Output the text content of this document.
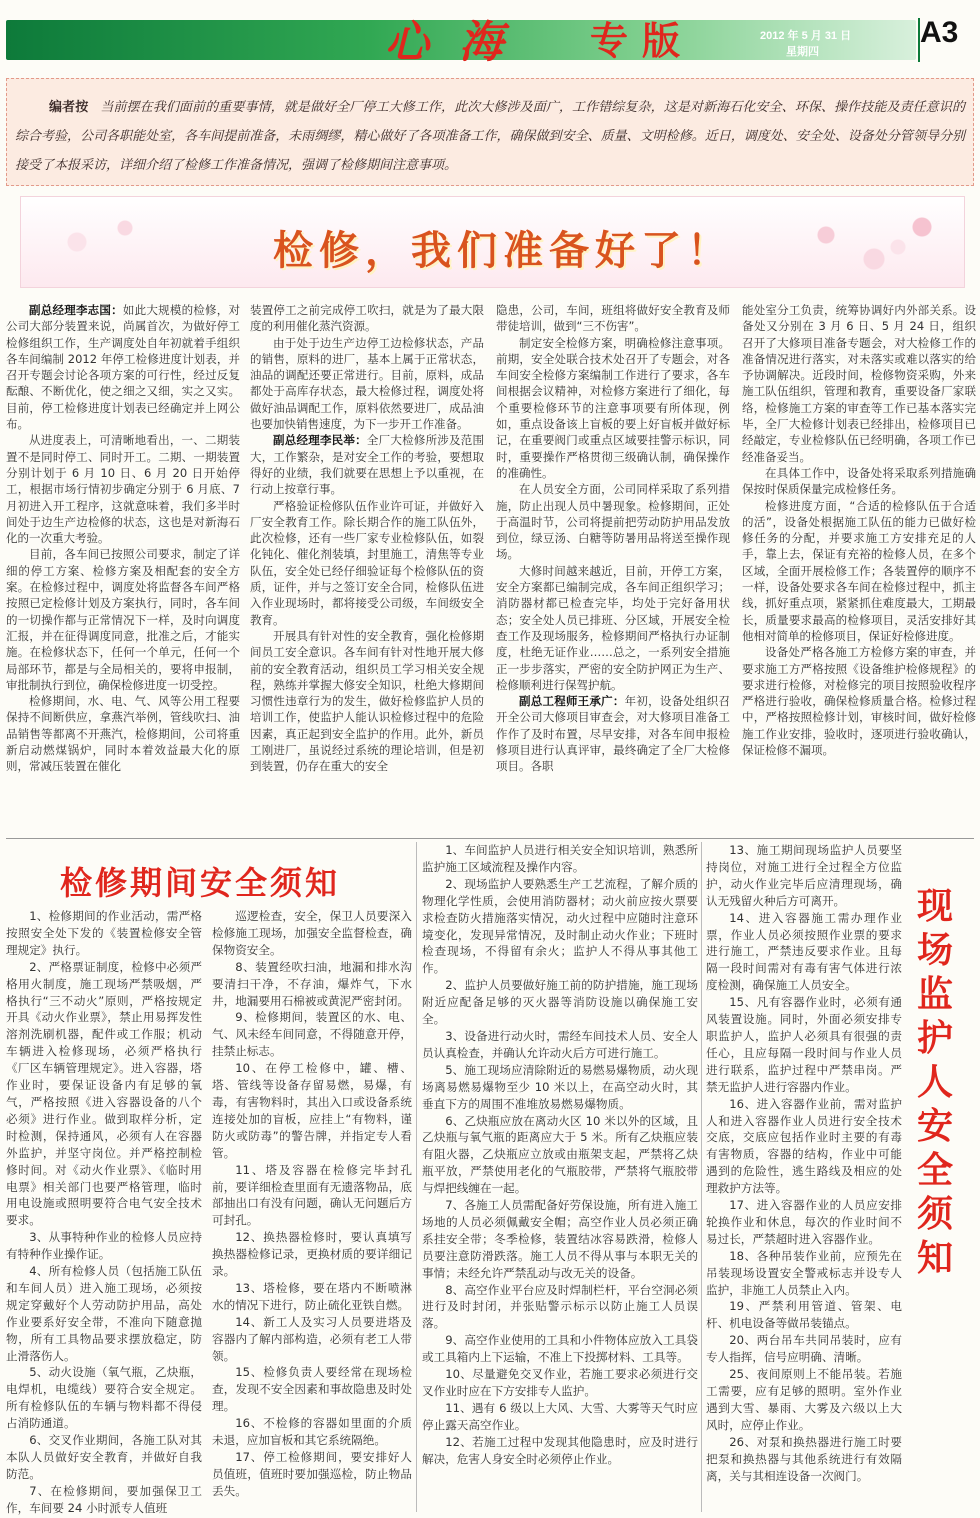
心海 专版	2012 年 5 月 31 日
星期四
A3
编者按 当前摆在我们面前的重要事情，就是做好全厂停工大修工作，此次大修涉及面广，工作错综复杂，这是对新海石化安全、环保、操作技能及责任意识的综合考验，公司各职能处室，各车间提前准备，未雨绸缪，精心做好了各项准备工作，确保做到安全、质量、文明检修。近日，调度处、安全处、设备处分管领导分别接受了本报采访，详细介绍了检修工作准备情况，强调了检修期间注意事项。
检修，我们准备好了！

副总经理李志国：如此大规模的检修，对公司大部分装置来说，尚属首次，为做好停工检修组织工作，生产调度处自年初就着手组织各车间编制 2012 年停工检修进度计划表，并召开专题会讨论各项方案的可行性，经过反复酝酿、不断优化，使之细之又细，实之又实。目前，停工检修进度计划表已经确定并上网公布。

从进度表上，可清晰地看出，一、二期装置不是同时停工、同时开工。二期、一期装置分别计划于 6 月 10 日、6 月 20 日开始停工，根据市场行情初步确定分别于 6 月底、7 月初进入开工程序，这就意味着，我们多半时间处于边生产边检修的状态，这也是对新海石化的一次重大考验。

目前，各车间已按照公司要求，制定了详细的停工方案、检修方案及相配套的安全方案。在检修过程中，调度处将监督各车间严格按照已定检修计划及方案执行，同时，各车间的一切操作都与正常情况下一样，及时向调度汇报，并在征得调度同意，批准之后，才能实施。在检修状态下，任何一个单元，任何一个局部环节，都是与全局相关的，要将申报制，审批制执行到位，确保检修进度一切受控。

检修期间，水、电、气、风等公用工程要保持不间断供应，拿燕汽举例，管线吹扫、油品销售等都离不开燕汽，检修期间，公司将重新启动燃煤锅炉，同时本着效益最大化的原则，常减压装置在催化

装置停工之前完成停工吹扫，就是为了最大限度的利用催化蒸汽资源。

由于处于边生产边停工边检修状态，产品的销售，原料的进厂，基本上属于正常状态，油品的调配还要正常进行。目前，原料，成品都处于高库存状态，最大检修过程，调度处将做好油品调配工作，原料依然要进厂，成品油也要加快销售速度，为下一步开工作准备。

副总经理李民举：全厂大检修所涉及范围大，工作繁杂，是对安全工作的考验，要想取得好的业绩，我们就要在思想上予以重视，在行动上按章行事。

严格验证检修队伍作业许可证，并做好入厂安全教育工作。除长期合作的施工队伍外，此次检修，还有一些厂家专业检修队伍，如裂化钝化、催化剂装填，封里施工，清焦等专业队伍，安全处已经仔细验证每个检修队伍的资质，证件，并与之签订安全合同，检修队伍进入作业现场时，都将接受公司级，车间级安全教育。

开展具有针对性的安全教育，强化检修期间员工安全意识。各车间有针对性地开展大修前的安全教育活动，组织员工学习相关安全规程，熟练并掌握大修安全知识，杜绝大修期间习惯性违章行为的发生，做好检修监护人员的培训工作，使监护人能认识检修过程中的危险因素，真正起到安全监护的作用。此外，新员工刚进厂，虽说经过系统的理论培训，但是初到装置，仍存在重大的安全

隐患，公司，车间，班组将做好安全教育及师带徒培训，做到“三不伤害”。

制定安全检修方案，明确检修注意事项。前期，安全处联合技术处召开了专题会，对各车间安全检修方案编制工作进行了要求，各车间根据会议精神，对检修方案进行了细化，每个重要检修环节的注意事项要有所体现，例如，重点设备该上盲板的要上好盲板并做好标记，在重要阀门或重点区域要挂警示标识，同时，重要操作严格贯彻三级确认制，确保操作的准确性。

在人员安全方面，公司同样采取了系列措施，防止出现人员中暑现象。检修期间，正处于高温时节，公司将提前把劳动防护用品发放到位，绿豆汤、白糖等防暑用品将送至操作现场。

大修时间越来越近，目前，开停工方案，安全方案都已编制完成，各车间正组织学习；消防器材都已检查完毕，均处于完好备用状态；安全处人员已排班、分区域，开展安全检查工作及现场服务，检修期间严格执行办证制度，杜绝无证作业……总之，一系列安全措施正一步步落实，严密的安全防护网正为生产、检修顺利进行保驾护航。

副总工程师王承广：年初，设备处组织召开全公司大修项目审查会，对大修项目准备工作作了及时布置，尽早安排，对各车间申报检修项目进行认真评审，最终确定了全厂大检修项目。各职

能处室分工负责，统筹协调好内外部关系。设备处又分别在 3 月 6 日、5 月 24 日，组织召开了大修项目准备专题会，对大检修工作的准备情况进行落实，对未落实或难以落实的给予协调解决。近段时间，检修物资采购，外来施工队伍组织，管理和教育，重要设备厂家联络，检修施工方案的审查等工作已基本落实完毕，全厂大检修计划表已经排出，检修项目已经敲定，专业检修队伍已经明确，各项工作已经准备妥当。

在具体工作中，设备处将采取系列措施确保按时保质保量完成检修任务。

检修进度方面，“合适的检修队伍于合适的活”，设备处根据施工队伍的能力已做好检修任务的分配，并要求施工方安排充足的人手，靠上去，保证有充裕的检修人员，在多个区域，全面开展检修工作；各装置停的顺序不一样，设备处要求各车间在检修过程中，抓主线，抓好重点项，紧紧抓住难度最大，工期最长，质量要求最高的检修项目，灵活安排好其他相对简单的检修项目，保证好检修进度。

设备处严格各施工方检修方案的审查，并要求施工方严格按照《设备维护检修规程》的要求进行检修，对检修完的项目按照验收程序严格进行验收，确保检修质量合格。检修过程中，严格按照检修计划，审核时间，做好检修施工作业安排，验收时，逐项进行验收确认，保证检修不漏项。

检修期间安全须知

1、检修期间的作业活动，需严格按照安全处下发的《装置检修安全管理规定》执行。

2、严格票证制度，检修中必须严格用火制度，施工现场严禁吸烟，严格执行“三不动火”原则，严格按规定开具《动火作业票》，禁止用易挥发性溶剂洗刷机器，配件或工作服；机动车辆进入检修现场，必须严格执行《厂区车辆管理规定》。进入容器，塔作业时，要保证设备内有足够的氧气，严格按照《进入容器设备的八个必须》进行作业。做到取样分析，定时检测，保持通风，必须有人在容器外监护，并坚守岗位。并严格控制检修时间。对《动火作业票》、《临时用电票》相关部门也要严格管理，临时用电设施或照明要符合电气安全技术要求。

3、从事特种作业的检修人员应持有特种作业操作证。

4、所有检修人员（包括施工队伍和车间人员）进入施工现场，必须按规定穿戴好个人劳动防护用品，高处作业要系好安全带，不准向下随意抛物，所有工具物品要求摆放稳定，防止滑落伤人。

5、动火设施（氧气瓶，乙炔瓶，电焊机，电缆线）要符合安全规定。所有检修队伍的车辆与物料都不得侵占消防通道。

6、交叉作业期间，各施工队对其本队人员做好安全教育，并做好自我防范。

7、在检修期间，要加强保卫工作，车间要 24 小时派专人值班

巡逻检查，安全，保卫人员要深入检修施工现场，加强安全监督检查，确保物资安全。

8、装置经吹扫油，地漏和排水沟要清扫干净，不存油，爆炸气，下水井，地漏要用石棉被或黄泥严密封闭。

9、检修期间，装置区的水、电、气、风未经车间同意，不得随意开停，挂禁止标志。

10、在停工检修中，罐、槽、塔、管线等设备存留易燃，易爆，有毒，有害物料时，其出入口或设备系统连接处加的盲板，应挂上“有物料，谨防火或防毒”的警告牌，并指定专人看管。

11、塔及容器在检修完毕封孔前，要详细检查里面有无遗落物品，底部抽出口有没有问题，确认无问题后方可封孔。

12、换热器检修时，要认真填写换热器检修记录，更换材质的要详细记录。

13、塔检修，要在塔内不断喷淋水的情况下进行，防止硫化亚铁自燃。

14、新工人及实习人员要进塔及容器内了解内部构造，必须有老工人带领。

15、检修负责人要经常在现场检查，发现不安全因素和事故隐患及时处理。

16、不检修的容器如里面的介质未退，应加盲板和其它系统隔绝。

17、停工检修期间，要安排好人员值班，值班时要加强巡检，防止物品丢失。

1、车间监护人员进行相关安全知识培训，熟悉所监护施工区域流程及操作内容。

2、现场监护人要熟悉生产工艺流程，了解介质的物理化学性质，会使用消防器材；动火前应按火票要求检查防火措施落实情况，动火过程中应随时注意环境变化，发现异常情况，及时制止动火作业；下班时检查现场，不得留有余火；监护人不得从事其他工作。

2、监护人员要做好施工前的防护措施，施工现场附近应配备足够的灭火器等消防设施以确保施工安全。

3、设备进行动火时，需经车间技术人员、安全人员认真检查，并确认允许动火后方可进行施工。

5、施工现场应清除附近的易燃易爆物质，动火现场离易燃易爆物至少 10 米以上，在高空动火时，其垂直下方的周围不准堆放易燃易爆物质。

6、乙炔瓶应放在离动火区 10 米以外的区域，且乙炔瓶与氧气瓶的距离应大于 5 米。所有乙炔瓶应装有阻火器，乙炔瓶应立放或由瓶架支起，严禁将乙炔瓶平放，严禁使用老化的气瓶胶带，严禁将气瓶胶带与焊把线缠在一起。

7、各施工人员需配备好劳保设施，所有进入施工场地的人员必须佩戴安全帽；高空作业人员必须正确系挂安全带；冬季检修，装置结冰容易跌滑，检修人员要注意防滑跌落。施工人员不得从事与本职无关的事情；未经允许严禁乱动与改无关的设备。

8、高空作业平台应及时焊制栏杆，平台空洞必须进行及时封闭，并张贴警示标示以防止施工人员误落。

9、高空作业使用的工具和小件物体应放入工具袋或工具箱内上下运输，不准上下投掷材料、工具等。

10、尽量避免交叉作业，若施工要求必须进行交叉作业时应在下方安排专人监护。

11、遇有 6 级以上大风、大雪、大雾等天气时应停止露天高空作业。

12、若施工过程中发现其他隐患时，应及时进行解决，危害人身安全时必须停止作业。

13、施工期间现场监护人员要坚持岗位，对施工进行全过程全方位监护，动火作业完毕后应清理现场，确认无残留火种后方可离开。

14、进入容器施工需办理作业票，作业人员必须按照作业票的要求进行施工，严禁违反要求作业。且每隔一段时间需对有毒有害气体进行浓度检测，确保施工人员安全。

15、凡有容器作业时，必须有通风装置设施。同时，外面必须安排专职监护人，监护人必须具有很强的责任心，且应每隔一段时间与作业人员进行联系，监护过程中严禁串岗。严禁无监护人进行容器内作业。

16、进入容器作业前，需对监护人和进入容器作业人员进行安全技术交底，交底应包括作业时主要的有毒有害物质，容器的结构，作业中可能遇到的危险性，逃生路线及相应的处理救护方法等。

17、进入容器作业的人员应安排轮换作业和休息，每次的作业时间不易过长，严禁超时进入容器作业。

18、各种吊装作业前，应预先在吊装现场设置安全警戒标志并设专人监护，非施工人员禁止入内。

19、严禁利用管道、管架、电杆、机电设备等做吊装锚点。

20、两台吊车共同吊装时，应有专人指挥，信号应明确、清晰。

25、夜间原则上不能吊装。若施工需要，应有足够的照明。室外作业遇到大雪、暴雨、大雾及六级以上大风时，应停止作业。

26、对泵和换热器进行施工时要把泵和换热器与其他系统进行有效隔离，关与其相连设备一次阀门。

现场监护人安全须知
